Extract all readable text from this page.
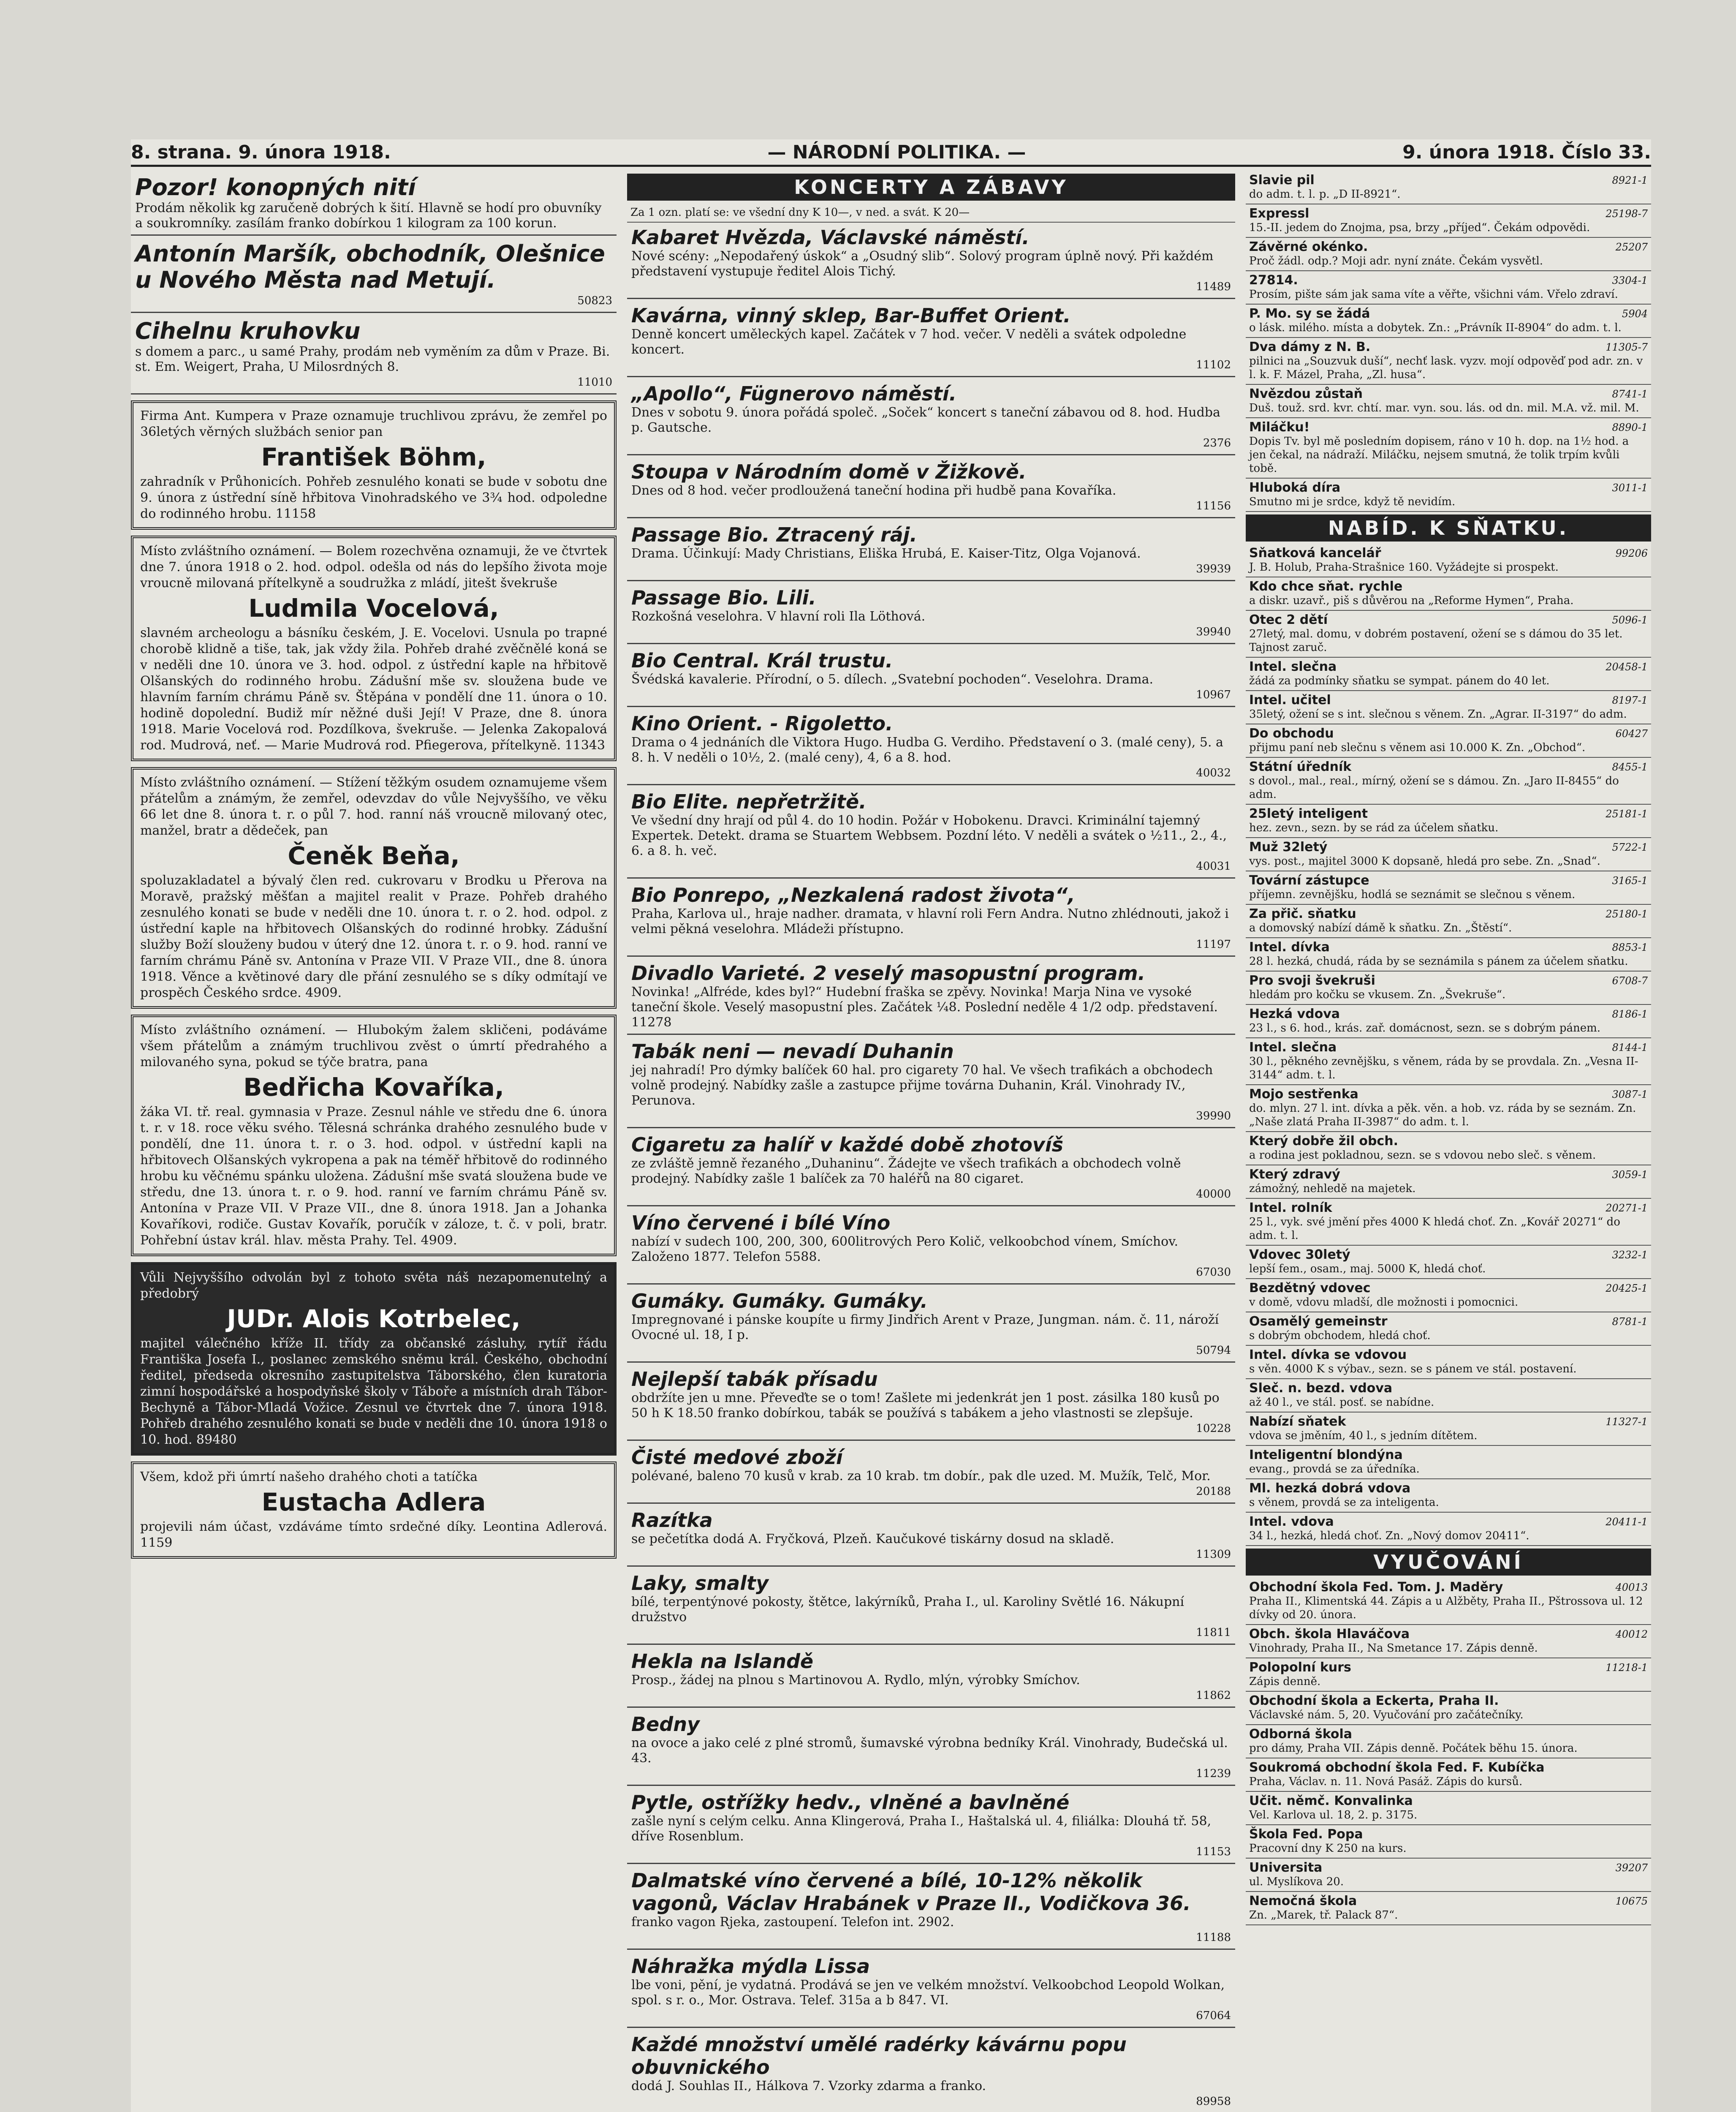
8. strana. 9. února 1918.	— NÁRODNÍ POLITIKA. —	9. února 1918. Číslo 33.
Pozor! konopných nití
Prodám několik kg zaručeně dobrých k šití. Hlavně se hodí pro obuvníky a soukromníky. zasílám franko dobírkou 1 kilogram za 100 korun.
Antonín Maršík, obchodník, Olešnice u Nového Města nad Metují.
50823
Cihelnu kruhovku
s domem a parc., u samé Prahy, prodám neb vyměním za dům v Praze. Bi. st. Em. Weigert, Praha, U Milosrdných 8.
11010
Firma Ant. Kumpera v Praze oznamuje truchlivou zprávu, že zemřel po 36letých věrných službách senior pan
František Böhm,
zahradník v Průhonicích. Pohřeb zesnulého konati se bude v sobotu dne 9. února z ústřední síně hřbitova Vinohradského ve 3¾ hod. odpoledne do rodinného hrobu. 11158
Místo zvláštního oznámení. — Bolem rozechvěna oznamuji, že ve čtvrtek dne 7. února 1918 o 2. hod. odpol. odešla od nás do lepšího života moje vroucně milovaná přítelkyně a soudružka z mládí, jitešt švekruše
Ludmila Vocelová,
slavném archeologu a básníku českém, J. E. Vocelovi. Usnula po trapné chorobě klidně a tiše, tak, jak vždy žila. Pohřeb drahé zvěčnělé koná se v neděli dne 10. února ve 3. hod. odpol. z ústřední kaple na hřbitově Olšanských do rodinného hrobu. Zádušní mše sv. sloužena bude ve hlavním farním chrámu Páně sv. Štěpána v pondělí dne 11. února o 10. hodině dopolední. Budiž mír něžné duši Její! V Praze, dne 8. února 1918. Marie Vocelová rod. Pozdílkova, švekruše. — Jelenka Zakopalová rod. Mudrová, neť. — Marie Mudrová rod. Pfiegerova, přítelkyně. 11343
Místo zvláštního oznámení. — Stížení těžkým osudem oznamujeme všem přátelům a známým, že zemřel, odevzdav do vůle Nejvyššího, ve věku 66 let dne 8. února t. r. o půl 7. hod. ranní náš vroucně milovaný otec, manžel, bratr a dědeček, pan
Čeněk Beňa,
spoluzakladatel a bývalý člen red. cukrovaru v Brodku u Přerova na Moravě, pražský měšťan a majitel realit v Praze. Pohřeb drahého zesnulého konati se bude v neděli dne 10. února t. r. o 2. hod. odpol. z ústřední kaple na hřbitovech Olšanských do rodinné hrobky. Zádušní služby Boží slouženy budou v úterý dne 12. února t. r. o 9. hod. ranní ve farním chrámu Páně sv. Antonína v Praze VII. V Praze VII., dne 8. února 1918. Věnce a květinové dary dle přání zesnulého se s díky odmítají ve prospěch Českého srdce. 4909.
Místo zvláštního oznámení. — Hlubokým žalem skličeni, podáváme všem přátelům a známým truchlivou zvěst o úmrtí předrahého a milovaného syna, pokud se týče bratra, pana
Bedřicha Kovaříka,
žáka VI. tř. real. gymnasia v Praze. Zesnul náhle ve středu dne 6. února t. r. v 18. roce věku svého. Tělesná schránka drahého zesnulého bude v pondělí, dne 11. února t. r. o 3. hod. odpol. v ústřední kapli na hřbitovech Olšanských vykropena a pak na téměř hřbitově do rodinného hrobu ku věčnému spánku uložena. Zádušní mše svatá sloužena bude ve středu, dne 13. února t. r. o 9. hod. ranní ve farním chrámu Páně sv. Antonína v Praze VII. V Praze VII., dne 8. února 1918. Jan a Johanka Kovaříkovi, rodiče. Gustav Kovařík, poručík v záloze, t. č. v poli, bratr. Pohřební ústav král. hlav. města Prahy. Tel. 4909.
Vůli Nejvyššího odvolán byl z tohoto světa náš nezapomenutelný a předobrý
JUDr. Alois Kotrbelec,
majitel válečného kříže II. třídy za občanské zásluhy, rytíř řádu Františka Josefa I., poslanec zemského sněmu král. Českého, obchodní ředitel, předseda okresního zastupitelstva Táborského, člen kuratoria zimní hospodářské a hospodyňské školy v Táboře a místních drah Tábor-Bechyně a Tábor-Mladá Vožice. Zesnul ve čtvrtek dne 7. února 1918. Pohřeb drahého zesnulého konati se bude v neděli dne 10. února 1918 o 10. hod. 89480
Všem, kdož při úmrtí našeho drahého choti a tatíčka
Eustacha Adlera
projevili nám účast, vzdáváme tímto srdečné díky. Leontina Adlerová. 1159
KONCERTY A ZÁBAVY
Za 1 ozn. platí se: ve všední dny K 10—, v ned. a svát. K 20—
Kabaret Hvězda, Václavské náměstí.
Nové scény: „Nepodařený úskok“ a „Osudný slib“. Solový program úplně nový. Při každém představení vystupuje ředitel Alois Tichý.
11489
Kavárna, vinný sklep, Bar-Buffet Orient.
Denně koncert uměleckých kapel. Začátek v 7 hod. večer. V neděli a svátek odpoledne koncert.
11102
„Apollo“, Fügnerovo náměstí.
Dnes v sobotu 9. února pořádá společ. „Soček“ koncert s taneční zábavou od 8. hod. Hudba p. Gautsche.
2376
Stoupa v Národním domě v Žižkově.
Dnes od 8 hod. večer prodloužená taneční hodina při hudbě pana Kovaříka.
11156
Passage Bio. Ztracený ráj.
Drama. Účinkují: Mady Christians, Eliška Hrubá, E. Kaiser-Titz, Olga Vojanová.
39939
Passage Bio. Lili.
Rozkošná veselohra. V hlavní roli Ila Löthová.
39940
Bio Central. Král trustu.
Švédská kavalerie. Přírodní, o 5. dílech. „Svatební pochoden“. Veselohra. Drama.
10967
Kino Orient. - Rigoletto.
Drama o 4 jednáních dle Viktora Hugo. Hudba G. Verdiho. Představení o 3. (malé ceny), 5. a 8. h. V neděli o 10½, 2. (malé ceny), 4, 6 a 8. hod.
40032
Bio Elite. nepřetržitě.
Ve všední dny hrají od půl 4. do 10 hodin. Požár v Hobokenu. Dravci. Kriminální tajemný Expertek. Detekt. drama se Stuartem Webbsem. Pozdní léto. V neděli a svátek o ½11., 2., 4., 6. a 8. h. več.
40031
Bio Ponrepo, „Nezkalená radost života“,
Praha, Karlova ul., hraje nadher. dramata, v hlavní roli Fern Andra. Nutno zhlédnouti, jakož i velmi pěkná veselohra. Mládeži přístupno.
11197
Divadlo Varieté. 2 veselý masopustní program.
Novinka! „Alfréde, kdes byl?“ Hudební fraška se zpěvy. Novinka! Marja Nina ve vysoké taneční škole. Veselý masopustní ples. Začátek ¼8. Poslední neděle 4 1/2 odp. představení. 11278
Tabák neni — nevadí Duhanin
jej nahradí! Pro dýmky balíček 60 hal. pro cigarety 70 hal. Ve všech trafikách a obchodech volně prodejný. Nabídky zašle a zastupce přijme továrna Duhanin, Král. Vinohrady IV., Perunova.
39990
Cigaretu za halíř v každé době zhotovíš
ze zvláště jemně řezaného „Duhaninu“. Žádejte ve všech trafikách a obchodech volně prodejný. Nabídky zašle 1 balíček za 70 haléřů na 80 cigaret.
40000
Víno červené i bílé Víno
nabízí v sudech 100, 200, 300, 600litrových Pero Količ, velkoobchod vínem, Smíchov. Založeno 1877. Telefon 5588.
67030
Gumáky. Gumáky. Gumáky.
Impregnované i pánske koupíte u firmy Jindřich Arent v Praze, Jungman. nám. č. 11, nároží Ovocné ul. 18, I p.
50794
Nejlepší tabák přísadu
obdržíte jen u mne. Převeďte se o tom! Zašlete mi jedenkrát jen 1 post. zásilka 180 kusů po 50 h K 18.50 franko dobírkou, tabák se používá s tabákem a jeho vlastnosti se zlepšuje.
10228
Čisté medové zboží
polévané, baleno 70 kusů v krab. za 10 krab. tm dobír., pak dle uzed. M. Mužík, Telč, Mor.
20188
Razítka
se pečetítka dodá A. Fryčková, Plzeň. Kaučukové tiskárny dosud na skladě.
11309
Laky, smalty
bílé, terpentýnové pokosty, štětce, lakýrníků, Praha I., ul. Karoliny Světlé 16. Nákupní družstvo
11811
Hekla na Islandě
Prosp., žádej na plnou s Martinovou A. Rydlo, mlýn, výrobky Smíchov.
11862
Bedny
na ovoce a jako celé z plné stromů, šumavské výrobna bedníky Král. Vinohrady, Budečská ul. 43.
11239
Pytle, ostřížky hedv., vlněné a bavlněné
zašle nyní s celým celku. Anna Klingerová, Praha I., Haštalská ul. 4, filiálka: Dlouhá tř. 58, dříve Rosenblum.
11153
Dalmatské víno červené a bílé, 10-12% několik vagonů, Václav Hrabánek v Praze II., Vodičkova 36.
franko vagon Rjeka, zastoupení. Telefon int. 2902.
11188
Náhražka mýdla Lissa
lbe voni, pění, je vydatná. Prodává se jen ve velkém množství. Velkoobchod Leopold Wolkan, spol. s r. o., Mor. Ostrava. Telef. 315a a b 847. VI.
67064
Každé množství umělé radérky kávárnu popu obuvnického
dodá J. Souhlas II., Hálkova 7. Vzorky zdarma a franko.
89958
8921-1
Slavie pil
do adm. t. l. p. „D II-8921“.
25198-7
Expressl
15.-II. jedem do Znojma, psa, brzy „příjed“. Čekám odpovědi.
25207
Závěrné okénko.
Proč žádl. odp.? Moji adr. nyní znáte. Čekám vysvětl.
3304-1
27814.
Prosím, pište sám jak sama víte a věřte, všichni vám. Vřelo zdraví.
5904
P. Mo. sy se žádá
o lásk. milého. místa a dobytek. Zn.: „Právník II-8904“ do adm. t. l.
11305-7
Dva dámy z N. B.
pilnici na „Souzvuk duší“, nechť lask. vyzv. mojí odpověď pod adr. zn. v l. k. F. Mázel, Praha, „Zl. husa“.
8741-1
Nvězdou zůstaň
Duš. touž. srd. kvr. chtí. mar. vyn. sou. lás. od dn. mil. M.A. vž. mil. M.
8890-1
Miláčku!
Dopis Tv. byl mě posledním dopisem, ráno v 10 h. dop. na 1½ hod. a jen čekal, na nádraží. Miláčku, nejsem smutná, že tolik trpím kvůli tobě.
3011-1
Hluboká díra
Smutno mi je srdce, když tě nevidím.
NABÍD. K SŇATKU.
99206
Sňatková kancelář
J. B. Holub, Praha-Strašnice 160. Vyžádejte si prospekt.
Kdo chce sňat. rychle
a diskr. uzavř., piš s důvěrou na „Reforme Hymen“, Praha.
5096-1
Otec 2 dětí
27letý, mal. domu, v dobrém postavení, ožení se s dámou do 35 let. Tajnost zaruč.
20458-1
Intel. slečna
žádá za podmínky sňatku se sympat. pánem do 40 let.
8197-1
Intel. učitel
35letý, ožení se s int. slečnou s věnem. Zn. „Agrar. II-3197“ do adm.
60427
Do obchodu
přijmu paní neb slečnu s věnem asi 10.000 K. Zn. „Obchod“.
8455-1
Státní úředník
s dovol., mal., real., mírný, ožení se s dámou. Zn. „Jaro II-8455“ do adm.
25181-1
25letý inteligent
hez. zevn., sezn. by se rád za účelem sňatku.
5722-1
Muž 32letý
vys. post., majitel 3000 K dopsaně, hledá pro sebe. Zn. „Snad“.
3165-1
Tovární zástupce
příjemn. zevnějšku, hodlá se seznámit se slečnou s věnem.
25180-1
Za přič. sňatku
a domovský nabízí dámě k sňatku. Zn. „Štěstí“.
8853-1
Intel. dívka
28 l. hezká, chudá, ráda by se seznámila s pánem za účelem sňatku.
6708-7
Pro svoji švekruši
hledám pro kočku se vkusem. Zn. „Švekruše“.
8186-1
Hezká vdova
23 l., s 6. hod., krás. zař. domácnost, sezn. se s dobrým pánem.
8144-1
Intel. slečna
30 l., pěkného zevnějšku, s věnem, ráda by se provdala. Zn. „Vesna II-3144“ adm. t. l.
3087-1
Mojo sestřenka
do. mlyn. 27 l. int. dívka a pěk. věn. a hob. vz. ráda by se seznám. Zn. „Naše zlatá Praha II-3987“ do adm. t. l.
Který dobře žil obch.
a rodina jest pokladnou, sezn. se s vdovou nebo sleč. s věnem.
3059-1
Který zdravý
zámožný, nehledě na majetek.
20271-1
Intel. rolník
25 l., vyk. své jmění přes 4000 K hledá choť. Zn. „Kovář 20271“ do adm. t. l.
3232-1
Vdovec 30letý
lepší fem., osam., maj. 5000 K, hledá choť.
20425-1
Bezdětný vdovec
v domě, vdovu mladší, dle možnosti i pomocnici.
8781-1
Osamělý gemeinstr
s dobrým obchodem, hledá choť.
Intel. dívka se vdovou
s věn. 4000 K s výbav., sezn. se s pánem ve stál. postavení.
Sleč. n. bezd. vdova
až 40 l., ve stál. posť. se nabídne.
11327-1
Nabízí sňatek
vdova se jměním, 40 l., s jedním dítětem.
Inteligentní blondýna
evang., provdá se za úředníka.
Ml. hezká dobrá vdova
s věnem, provdá se za inteligenta.
20411-1
Intel. vdova
34 l., hezká, hledá choť. Zn. „Nový domov 20411“.
VYUČOVÁNÍ
40013
Obchodní škola Fed. Tom. J. Maděry
Praha II., Klimentská 44. Zápis a u Alžběty, Praha II., Pštrossova ul. 12 dívky od 20. února.
40012
Obch. škola Hlaváčova
Vinohrady, Praha II., Na Smetance 17. Zápis denně.
11218-1
Polopolní kurs
Zápis denně.
Obchodní škola a Eckerta, Praha II.
Václavské nám. 5, 20. Vyučování pro začátečníky.
Odborná škola
pro dámy, Praha VII. Zápis denně. Počátek běhu 15. února.
Soukromá obchodní škola Fed. F. Kubíčka
Praha, Václav. n. 11. Nová Pasáž. Zápis do kursů.
Učit. němč. Konvalinka
Vel. Karlova ul. 18, 2. p. 3175.
Škola Fed. Popa
Pracovní dny K 250 na kurs.
39207
Universita
ul. Myslíkova 20.
10675
Nemočná škola
Zn. „Marek, tř. Palack 87“.
